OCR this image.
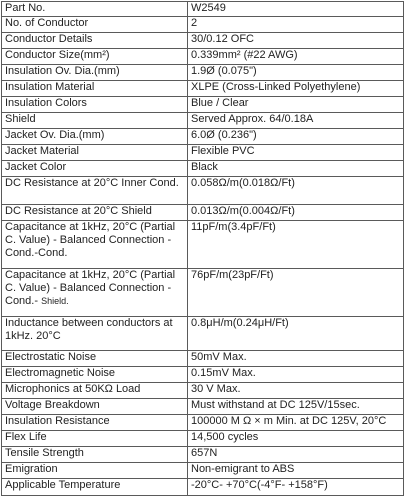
Part No.	W2549
No. of Conductor	2
Conductor Details	30/0.12 OFC
Conductor Size(mm²)	0.339mm² (#22 AWG)
Insulation Ov. Dia.(mm)	1.9Ø (0.075")
Insulation Material	XLPE (Cross-Linked Polyethylene)
Insulation Colors	Blue / Clear
Shield	Served Approx. 64/0.18A
Jacket Ov. Dia.(mm)	6.0Ø (0.236")
Jacket Material	Flexible PVC
Jacket Color	Black
DC Resistance at 20°C Inner Cond.	0.058Ω/m(0.018Ω/Ft)
DC Resistance at 20°C Shield	0.013Ω/m(0.004Ω/Ft)
Capacitance at 1kHz, 20°C (Partial C. Value) - Balanced Connection - Cond.-Cond.	11pF/m(3.4pF/Ft)
Capacitance at 1kHz, 20°C (Partial C. Value) - Balanced Connection - Cond.- Shield.	76pF/m(23pF/Ft)
Inductance between conductors at 1kHz. 20°C	0.8μH/m(0.24μH/Ft)
Electrostatic Noise	50mV Max.
Electromagnetic Noise	0.15mV Max.
Microphonics at 50KΩ Load	30 V Max.
Voltage Breakdown	Must withstand at DC 125V/15sec.
Insulation Resistance	100000 M Ω × m Min. at DC 125V, 20°C
Flex Life	14,500 cycles
Tensile Strength	657N
Emigration	Non-emigrant to ABS
Applicable Temperature	-20°C- +70°C(-4°F- +158°F)
